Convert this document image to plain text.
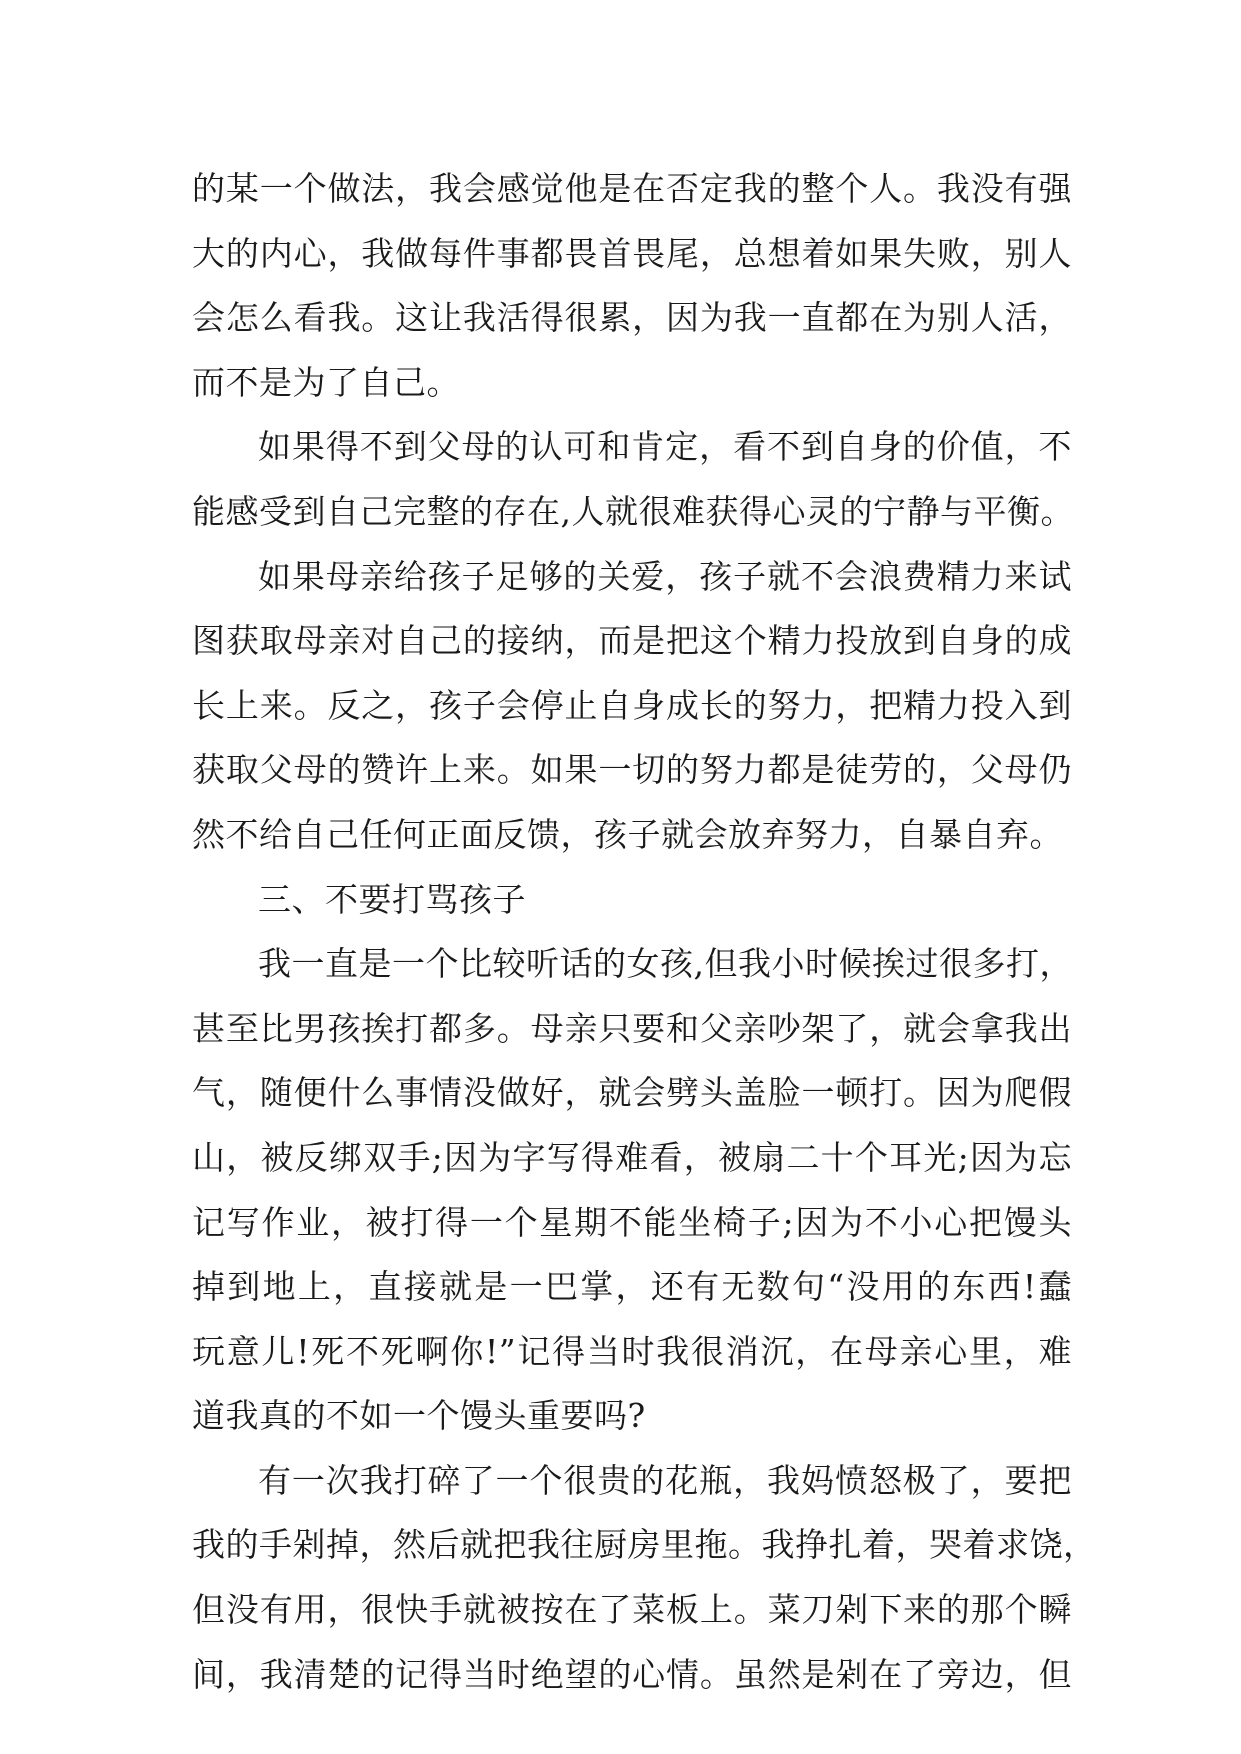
的某一个做法，我会感觉他是在否定我的整个人。我没有强
大的内心，我做每件事都畏首畏尾，总想着如果失败，别人
会怎么看我。这让我活得很累，因为我一直都在为别人活，
而不是为了自己。
如果得不到父母的认可和肯定，看不到自身的价值，不
能感受到自己完整的存在,人就很难获得心灵的宁静与平衡。
如果母亲给孩子足够的关爱，孩子就不会浪费精力来试
图获取母亲对自己的接纳，而是把这个精力投放到自身的成
长上来。反之，孩子会停止自身成长的努力，把精力投入到
获取父母的赞许上来。如果一切的努力都是徒劳的，父母仍
然不给自己任何正面反馈，孩子就会放弃努力，自暴自弃。
三、不要打骂孩子
我一直是一个比较听话的女孩,但我小时候挨过很多打，
甚至比男孩挨打都多。母亲只要和父亲吵架了，就会拿我出
气，随便什么事情没做好，就会劈头盖脸一顿打。因为爬假
山，被反绑双手;因为字写得难看，被扇二十个耳光;因为忘
记写作业，被打得一个星期不能坐椅子;因为不小心把馒头
掉到地上，直接就是一巴掌，还有无数句“没用的东西!蠢
玩意儿!死不死啊你!”记得当时我很消沉，在母亲心里，难
道我真的不如一个馒头重要吗?
有一次我打碎了一个很贵的花瓶，我妈愤怒极了，要把
我的手剁掉，然后就把我往厨房里拖。我挣扎着，哭着求饶，
但没有用，很快手就被按在了菜板上。菜刀剁下来的那个瞬
间，我清楚的记得当时绝望的心情。虽然是剁在了旁边，但
